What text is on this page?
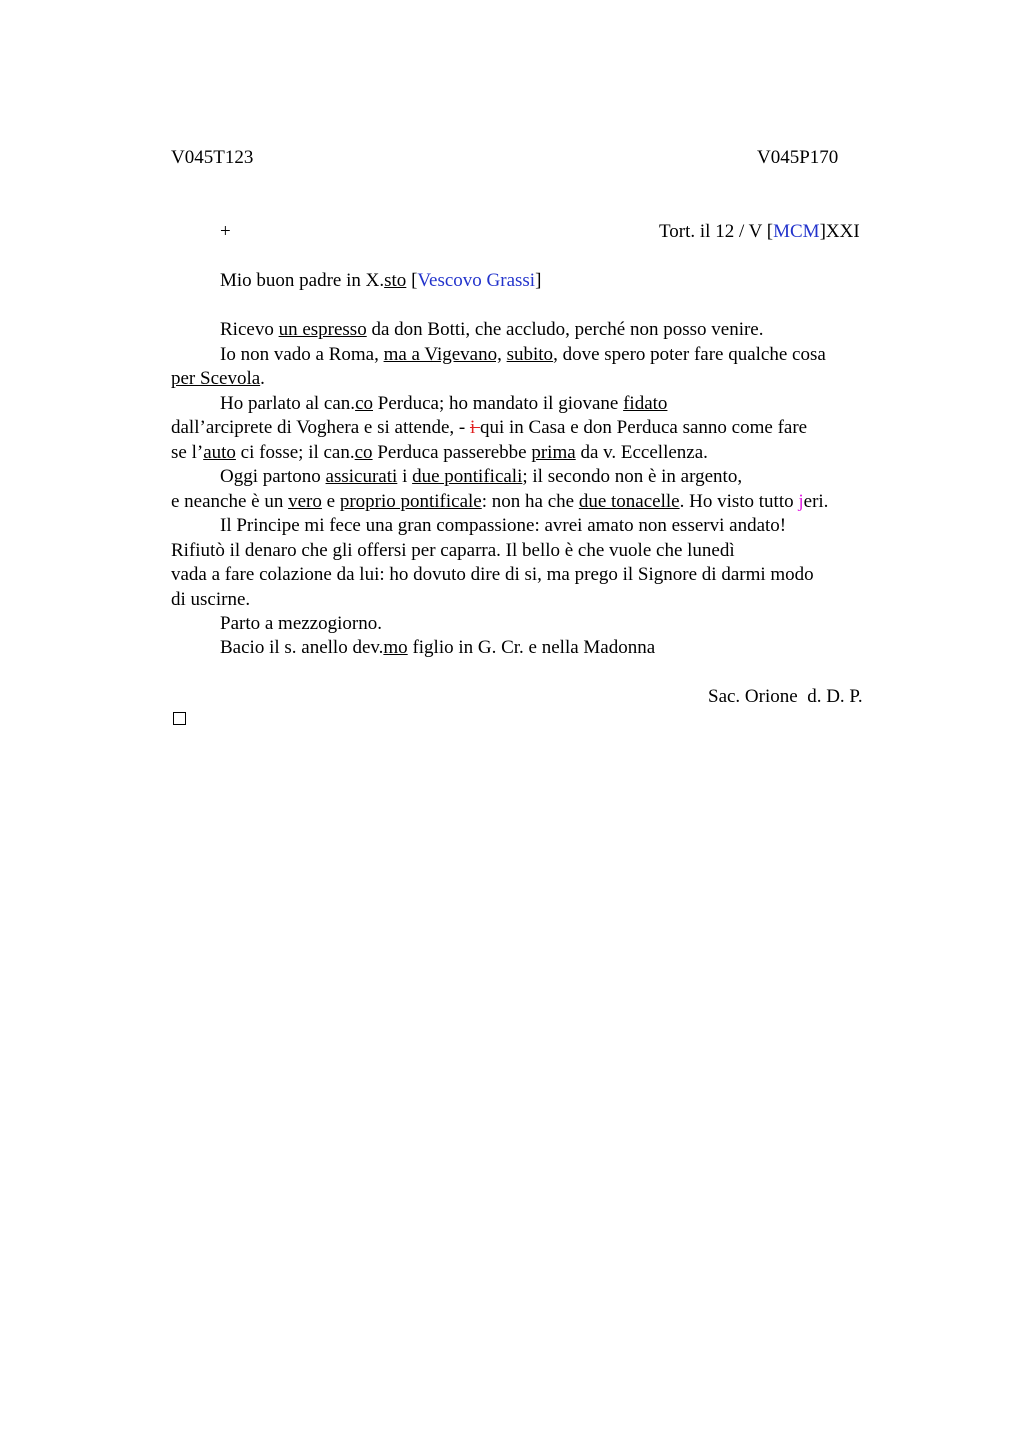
V045T123	V045P170
+	Tort. il 12 / V [MCM]XXI
Mio buon padre in X.sto [Vescovo Grassi]
Ricevo un espresso da don Botti, che accludo, perché non posso venire.
Io non vado a Roma, ma a Vigevano, subito, dove spero poter fare qualche cosa
per Scevola.
Ho parlato al can.co Perduca; ho mandato il giovane fidato
dall’arciprete di Voghera e si attende, - i qui in Casa e don Perduca sanno come fare
se l’auto ci fosse; il can.co Perduca passerebbe prima da v. Eccellenza.
Oggi partono assicurati i due pontificali; il secondo non è in argento,
e neanche è un vero e proprio pontificale: non ha che due tonacelle. Ho visto tutto jeri.
Il Principe mi fece una gran compassione: avrei amato non esservi andato!
Rifiutò il denaro che gli offersi per caparra. Il bello è che vuole che lunedì
vada a fare colazione da lui: ho dovuto dire di si, ma prego il Signore di darmi modo
di uscirne.
Parto a mezzogiorno.
Bacio il s. anello dev.mo figlio in G. Cr. e nella Madonna
Sac. Orione  d. D. P.
